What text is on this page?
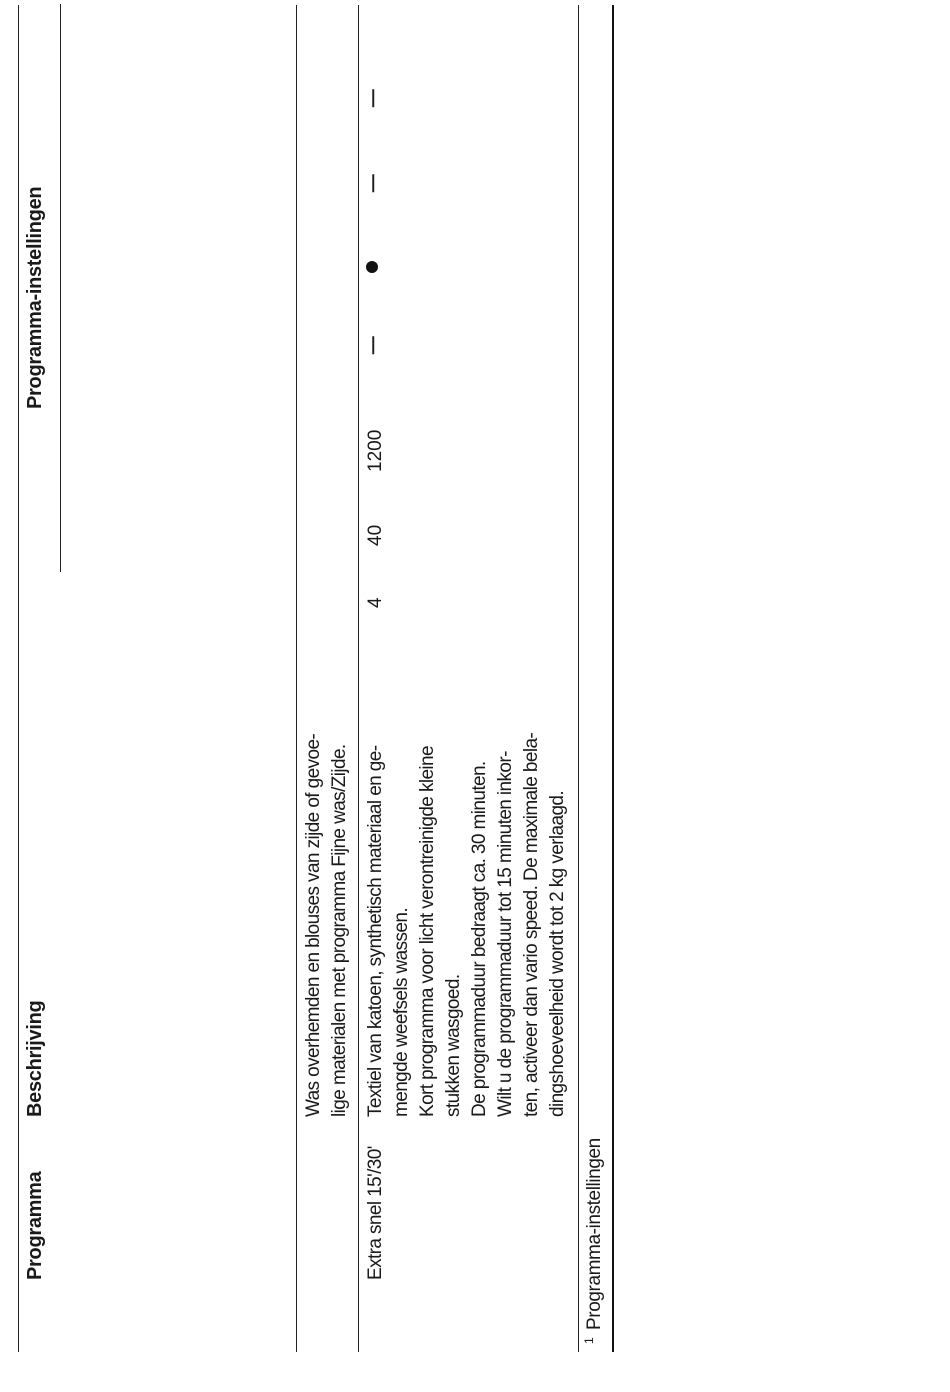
Programma
Beschrijving
Programma-instellingen
Was overhemden en blouses van zijde of gevoe- lige materialen met programma Fijne was/Zijde.
Extra snel 15'/30'
Textiel van katoen, synthetisch materiaal en ge- mengde weefsels wassen. Kort programma voor licht verontreinigde kleine stukken wasgoed. De programmaduur bedraagt ca. 30 minuten. Wilt u de programmaduur tot 15 minuten inkor- ten, activeer dan vario speed. De maximale bela- dingshoeveelheid wordt tot 2 kg verlaagd.
4
40
1200
1
Programma-instellingen
